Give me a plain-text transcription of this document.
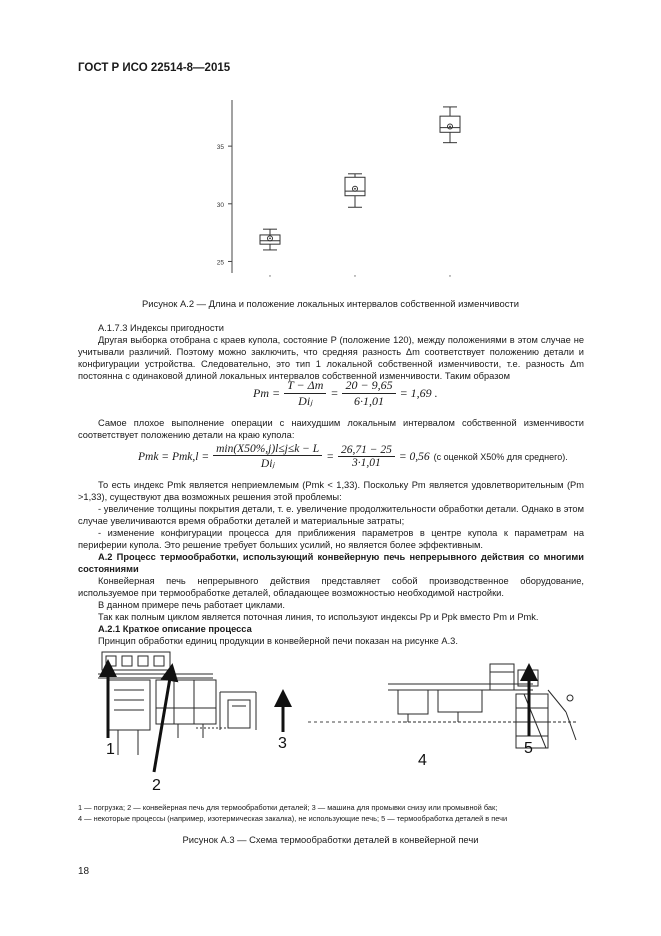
ГОСТ Р ИСО 22514-8—2015
25
30
35
*	*	*
Рисунок А.2 — Длина и положение локальных интервалов собственной изменчивости
А.1.7.3 Индексы пригодности
Другая выборка отобрана с краев купола, состояние P (положение 120), между положениями в этом случае не учитывали различий. Поэтому можно заключить, что средняя разность Δm соответствует положению детали и конфигурации устройства. Следовательно, это тип 1 локальной собственной изменчивости, т.е. разность Δm постоянна с одинаковой длиной локальных интервалов собственной изменчивости. Таким образом
$Pm = \frac{T - \Delta m}{\text{Diⱼ}} = \frac{20 - 9,65}{6\cdot 1,01} = 1,69$ .
Самое плохое выполнение операции с наихудшим локальным интервалом собственной изменчивости соответствует положению детали на краю купола:
Pmk = $Pmk,l = \frac{\min(X50\%,j)l\le j\le k - L}{\text{Diⱼ}} = \frac{26,71 - 25}{3\cdot 1,01} = 0,56$ (с оценкой X50% для среднего).
То есть индекс Pmk является неприемлемым (Pmk < 1,33). Поскольку Pm является удовлетворительным (Pm >1,33), существуют два возможных решения этой проблемы:
- увеличение толщины покрытия детали, т. е. увеличение продолжительности обработки детали. Однако в этом случае увеличиваются время обработки деталей и материальные затраты;
- изменение конфигурации процесса для приближения параметров в центре купола к параметрам на периферии купола. Это решение требует больших усилий, но является более эффективным.
А.2 Процесс термообработки, использующий конвейерную печь непрерывного действия со многими состояниями
Конвейерная печь непрерывного действия представляет собой производственное оборудование, используемое при термообработке деталей, обладающее возможностью необходимой настройки.
В данном примере печь работает циклами.
Так как полным циклом является поточная линия, то используют индексы Pp и Ppk вместо Pm и Pmk.
А.2.1 Краткое описание процесса
Принцип обработки единиц продукции в конвейерной печи показан на рисунке А.3.
1
2
3
4
5
1 — погрузка; 2 — конвейерная печь для термообработки деталей; 3 — машина для промывки снизу или промывной бак;
4 — некоторые процессы (например, изотермическая закалка), не использующие печь; 5 — термообработка деталей в печи
Рисунок А.3 — Схема термообработки деталей в конвейерной печи
18
